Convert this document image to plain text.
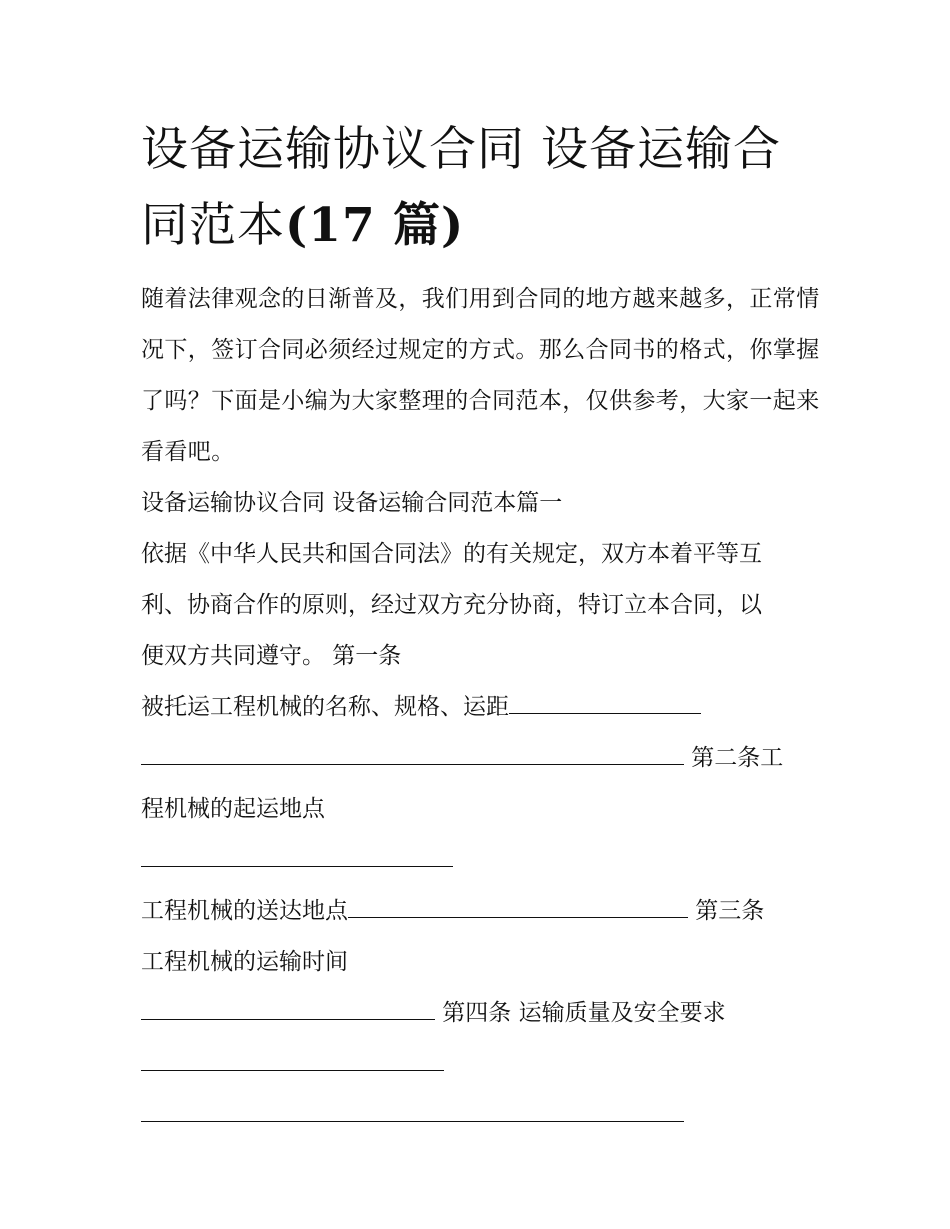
设备运输协议合同 设备运输合同范本(17 篇)

随着法律观念的日渐普及，我们用到合同的地方越来越多，正常情况下，签订合同必须经过规定的方式。那么合同书的格式，你掌握了吗？下面是小编为大家整理的合同范本，仅供参考，大家一起来看看吧。

设备运输协议合同 设备运输合同范本篇一

依据《中华人民共和国合同法》的有关规定，双方本着平等互

利、协商合作的原则，经过双方充分协商，特订立本合同，以

便双方共同遵守。 第一条

被托运工程机械的名称、规格、运距

第二条工

程机械的起运地点

工程机械的送达地点	第三条

工程机械的运输时间

第四条 运输质量及安全要求
